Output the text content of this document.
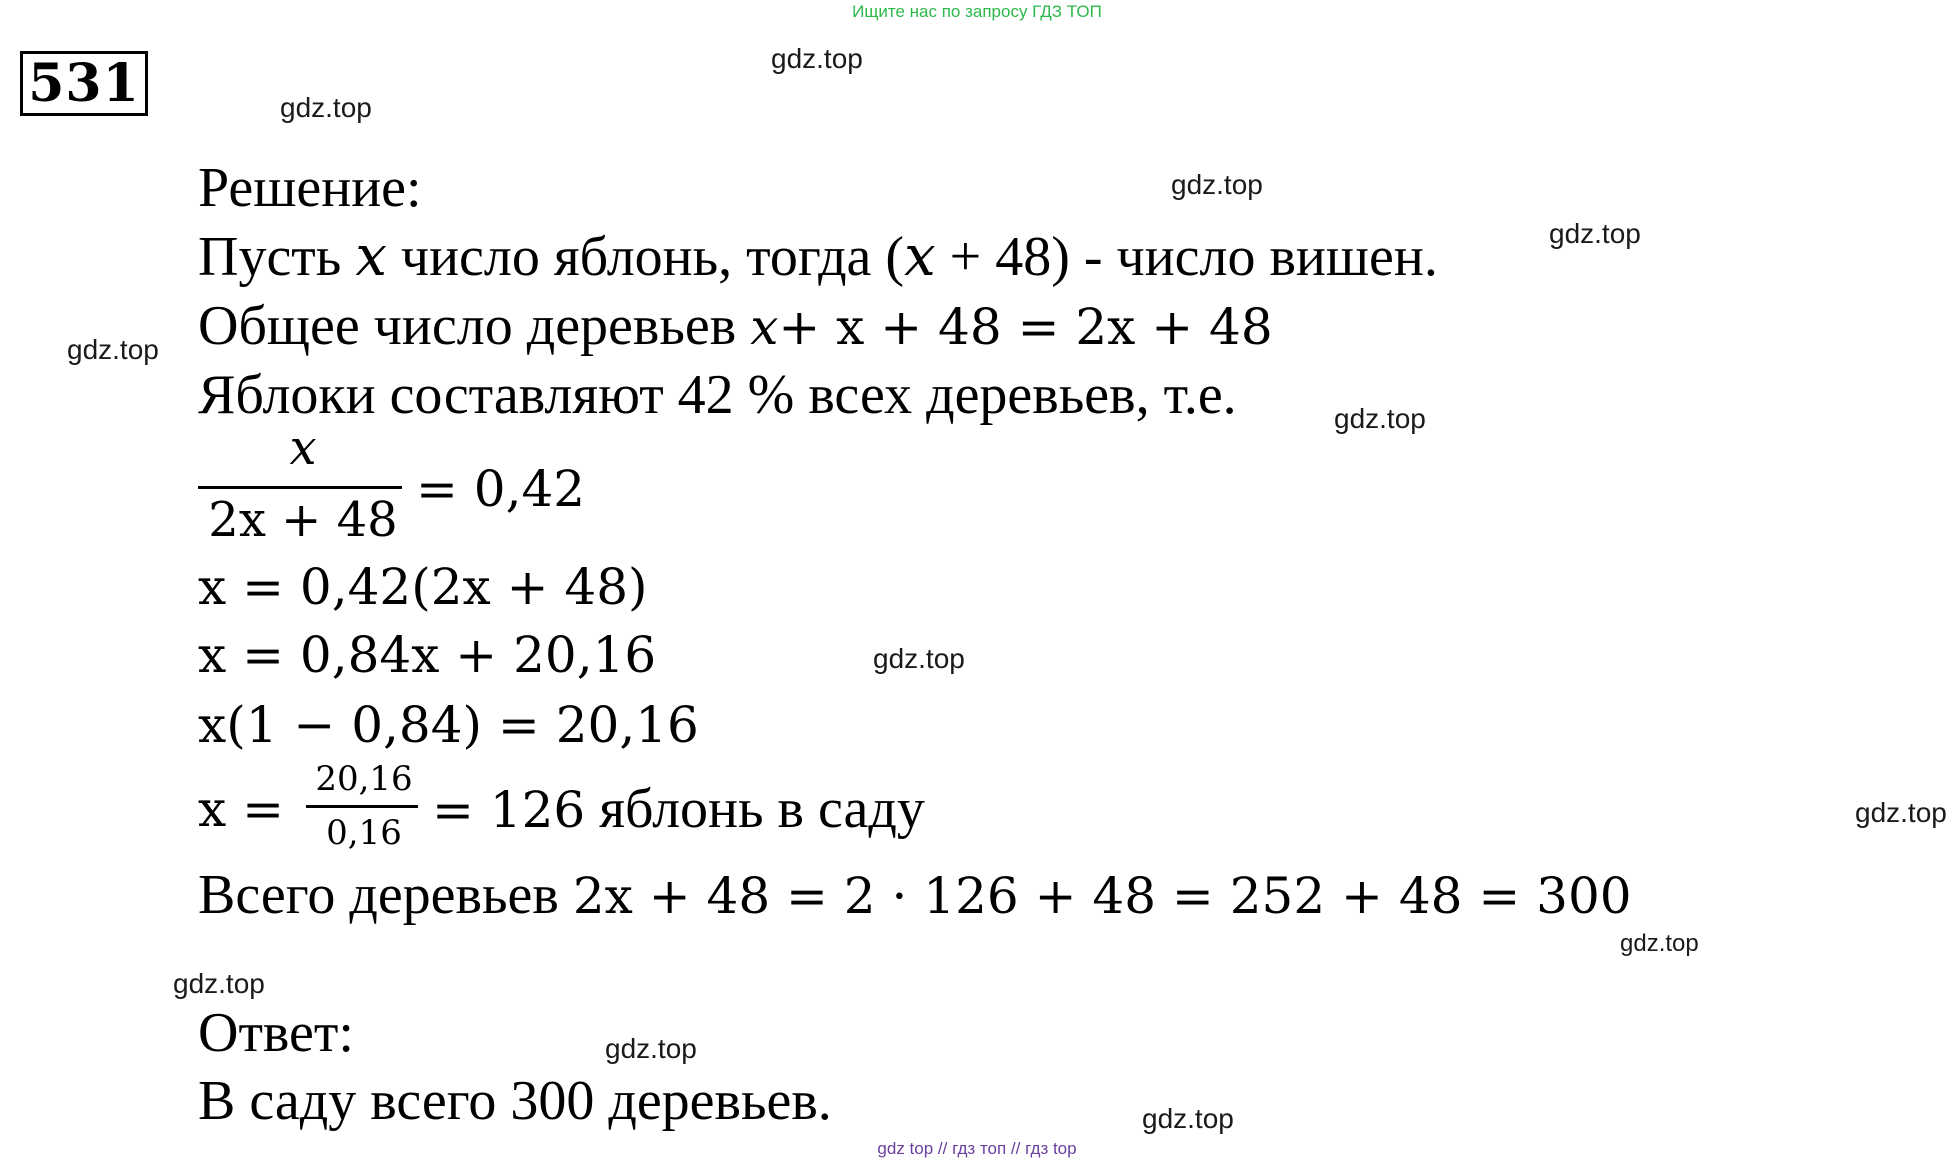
Ищите нас по запросу ГДЗ ТОП
531	gdz.top
gdz.top
gdz.top
gdz.top
gdz.top
gdz.top
gdz.top
gdz.top
gdz.top
gdz.top
gdz.top
gdz.top
Решение:
Пусть x число яблонь, тогда (x + 48) - число вишен.
Общее число деревьев x+ x + 48 = 2x + 48
Яблоки составляют 42 % всех деревьев, т.е.
x
2x + 48
= 0,42
x = 0,42(2x + 48)
x = 0,84x + 20,16
x(1 − 0,84) = 20,16
x =
20,16
0,16 = 126 яблонь в саду
Всего деревьев 2x + 48 = 2 · 126 + 48 = 252 + 48 = 300
Ответ:
В саду всего 300 деревьев.
gdz top // гдз топ // гдз top
